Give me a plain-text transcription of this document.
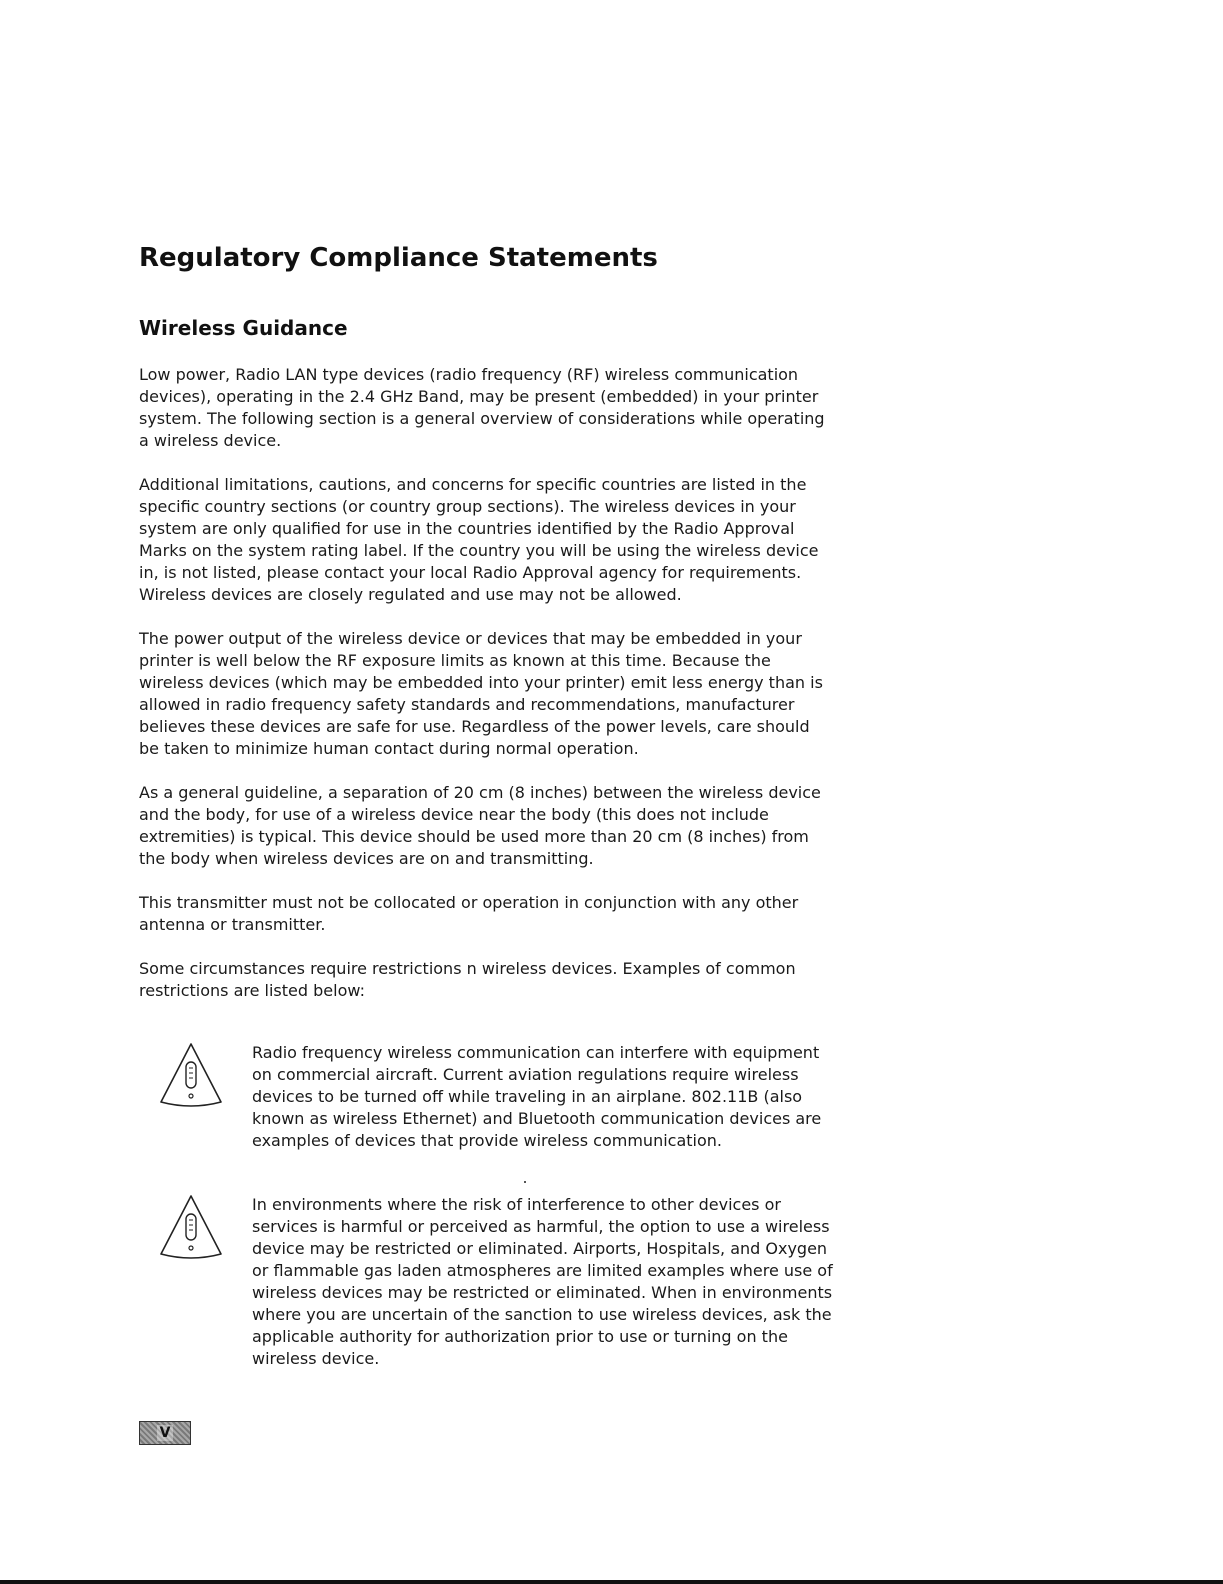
Regulatory Compliance Statements
Wireless Guidance

Low power, Radio LAN type devices (radio frequency (RF) wireless communication
devices), operating in the 2.4 GHz Band, may be present (embedded) in your printer
system. The following section is a general overview of considerations while operating
a wireless device.

Additional limitations, cautions, and concerns for specific countries are listed in the
specific country sections (or country group sections). The wireless devices in your
system are only qualified for use in the countries identified by the Radio Approval
Marks on the system rating label. If the country you will be using the wireless device
in, is not listed, please contact your local Radio Approval agency for requirements.
Wireless devices are closely regulated and use may not be allowed.

The power output of the wireless device or devices that may be embedded in your
printer is well below the RF exposure limits as known at this time. Because the
wireless devices (which may be embedded into your printer) emit less energy than is
allowed in radio frequency safety standards and recommendations, manufacturer
believes these devices are safe for use. Regardless of the power levels, care should
be taken to minimize human contact during normal operation.

As a general guideline, a separation of 20 cm (8 inches) between the wireless device
and the body, for use of a wireless device near the body (this does not include
extremities) is typical. This device should be used more than 20 cm (8 inches) from
the body when wireless devices are on and transmitting.

This transmitter must not be collocated or operation in conjunction with any other
antenna or transmitter.

Some circumstances require restrictions n wireless devices. Examples of common
restrictions are listed below:

Radio frequency wireless communication can interfere with equipment
on commercial aircraft. Current aviation regulations require wireless
devices to be turned off while traveling in an airplane. 802.11B (also
known as wireless Ethernet) and Bluetooth communication devices are
examples of devices that provide wireless communication.

In environments where the risk of interference to other devices or
services is harmful or perceived as harmful, the option to use a wireless
device may be restricted or eliminated. Airports, Hospitals, and Oxygen
or flammable gas laden atmospheres are limited examples where use of
wireless devices may be restricted or eliminated. When in environments
where you are uncertain of the sanction to use wireless devices, ask the
applicable authority for authorization prior to use or turning on the
wireless device.

V
